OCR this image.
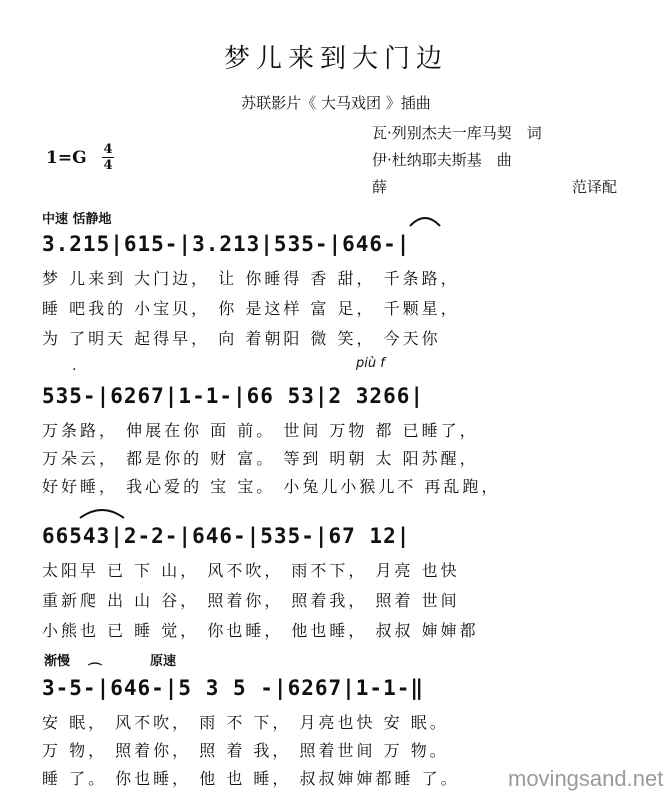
梦儿来到大门边
苏联影片《 大马戏团 》插曲
1=G 4
4
瓦·列别杰夫一库马契　词
伊·杜纳耶夫斯基　曲
薛	范译配
中速 恬静地
3.215|615-|3.213|535-|646-|
梦 儿来到 大门边， 让 你睡得 香 甜， 千条路，
睡 吧我的 小宝贝， 你 是这样 富 足， 千颗星，
为 了明天 起得早， 向 着朝阳 微 笑， 今天你
più f
·
535-|6267|1-1-|66 53|2 3266|
万条路， 伸展在你 面 前。 世间 万物 都 已睡了，
万朵云， 都是你的 财 富。 等到 明朝 太 阳苏醒，
好好睡， 我心爱的 宝 宝。 小兔儿小猴儿不 再乱跑，
66543|2-2-|646-|535-|67 12|
太阳早 已 下 山， 风不吹， 雨不下， 月亮 也快
重新爬 出 山 谷， 照着你， 照着我， 照着 世间
小熊也 已 睡 觉， 你也睡， 他也睡， 叔叔 婶婶都
渐慢	原速
⌒
3-5-|646-|5 3 5 -|6267|1-1-‖
安 眠， 风不吹， 雨 不 下， 月亮也快 安 眠。
万 物， 照着你， 照 着 我， 照着世间 万 物。
睡 了。 你也睡， 他 也 睡， 叔叔婶婶都睡 了。 movingsand.net
